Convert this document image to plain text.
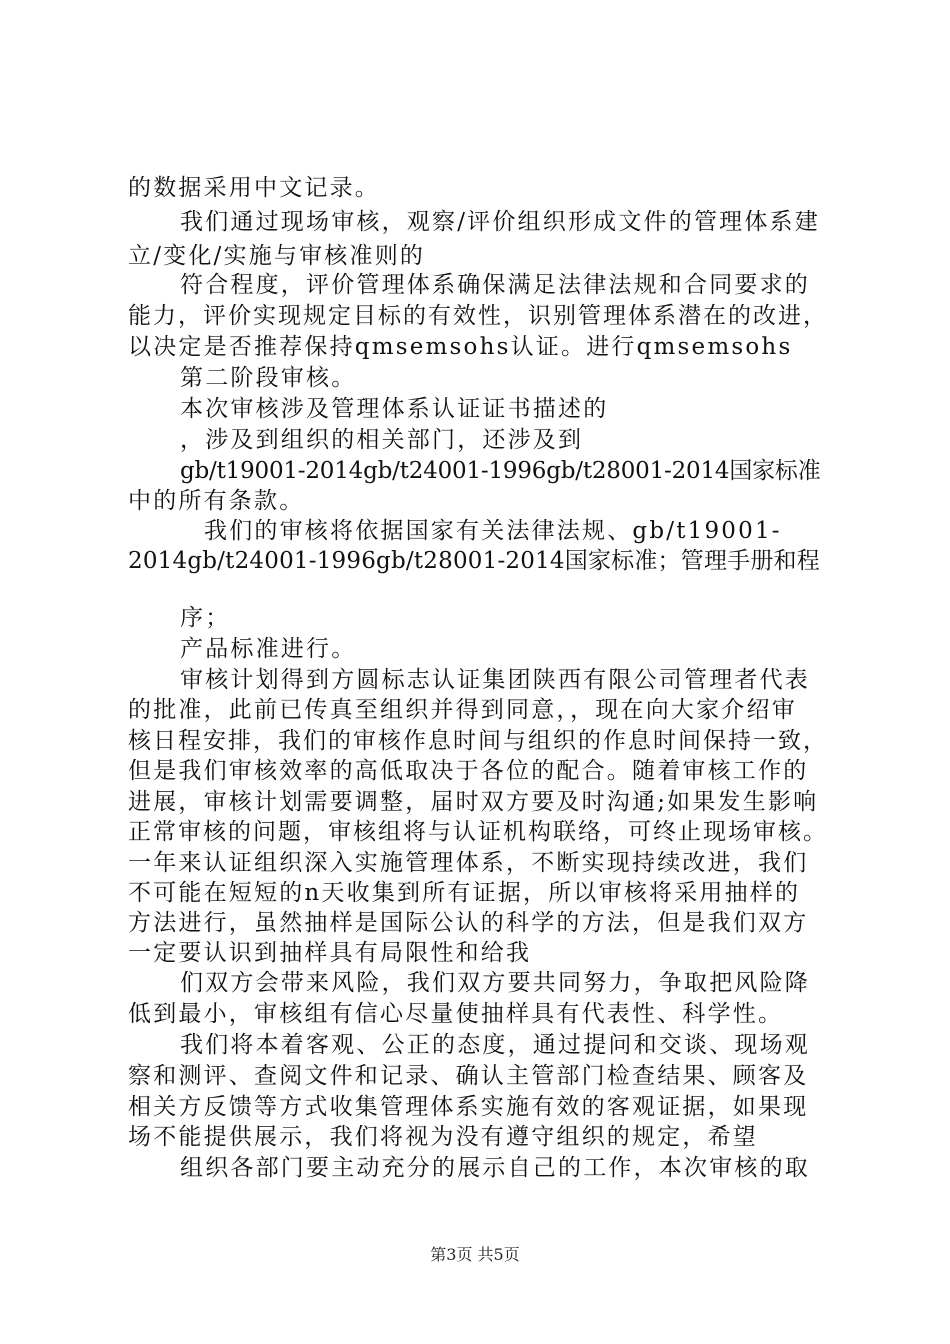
的数据采用中文记录。
我们通过现场审核，观察/评价组织形成文件的管理体系建
立/变化/实施与审核准则的
符合程度，评价管理体系确保满足法律法规和合同要求的
能力，评价实现规定目标的有效性，识别管理体系潜在的改进，
以决定是否推荐保持qmsemsohs认证。进行qmsemsohs
第二阶段审核。
本次审核涉及管理体系认证证书描述的
，涉及到组织的相关部门，还涉及到
gb/t19001-2014gb/t24001-1996gb/t28001-2014国家标准
中的所有条款。
我们的审核将依据国家有关法律法规、gb/t19001-
2014gb/t24001-1996gb/t28001-2014国家标准；管理手册和程
序；
产品标准进行。
审核计划得到方圆标志认证集团陕西有限公司管理者代表
的批准，此前已传真至组织并得到同意，，现在向大家介绍审
核日程安排，我们的审核作息时间与组织的作息时间保持一致，
但是我们审核效率的高低取决于各位的配合。随着审核工作的
进展，审核计划需要调整，届时双方要及时沟通;如果发生影响
正常审核的问题，审核组将与认证机构联络，可终止现场审核。
一年来认证组织深入实施管理体系，不断实现持续改进，我们
不可能在短短的n天收集到所有证据，所以审核将采用抽样的
方法进行，虽然抽样是国际公认的科学的方法，但是我们双方
一定要认识到抽样具有局限性和给我
们双方会带来风险，我们双方要共同努力，争取把风险降
低到最小，审核组有信心尽量使抽样具有代表性、科学性。
我们将本着客观、公正的态度，通过提问和交谈、现场观
察和测评、查阅文件和记录、确认主管部门检查结果、顾客及
相关方反馈等方式收集管理体系实施有效的客观证据，如果现
场不能提供展示，我们将视为没有遵守组织的规定，希望
组织各部门要主动充分的展示自己的工作，本次审核的取
第3页 共5页
